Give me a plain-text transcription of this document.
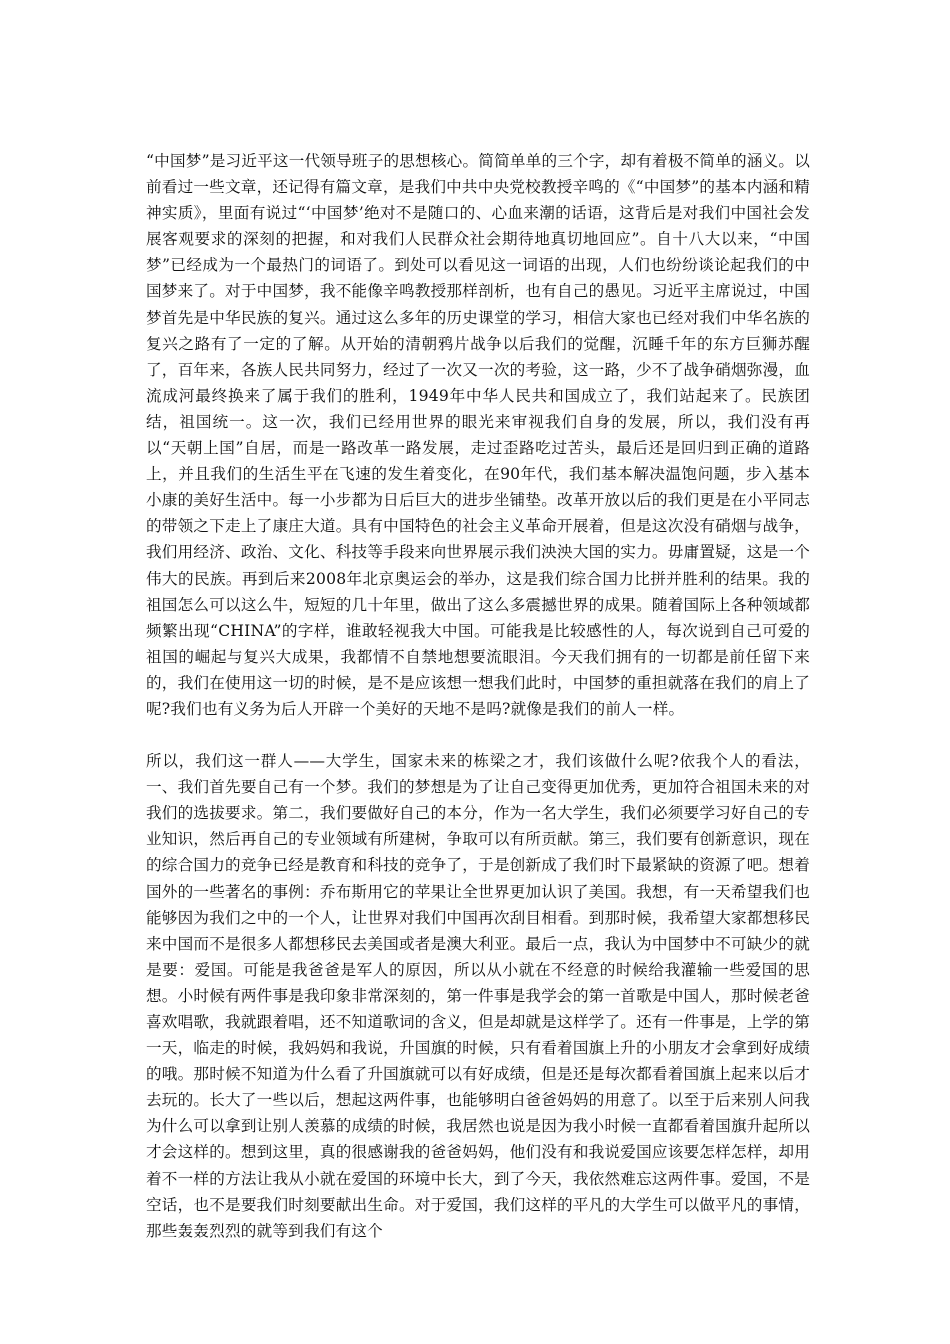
“中国梦”是习近平这一代领导班子的思想核心。简简单单的三个字，却有着极不简单的涵义。以前看过一些文章，还记得有篇文章，是我们中共中央党校教授辛鸣的《“中国梦”的基本内涵和精神实质》，里面有说过“‘中国梦’绝对不是随口的、心血来潮的话语，这背后是对我们中国社会发展客观要求的深刻的把握，和对我们人民群众社会期待地真切地回应”。自十八大以来，“中国梦”已经成为一个最热门的词语了。到处可以看见这一词语的出现，人们也纷纷谈论起我们的中国梦来了。对于中国梦，我不能像辛鸣教授那样剖析，也有自己的愚见。习近平主席说过，中国梦首先是中华民族的复兴。通过这么多年的历史课堂的学习，相信大家也已经对我们中华名族的复兴之路有了一定的了解。从开始的清朝鸦片战争以后我们的觉醒，沉睡千年的东方巨狮苏醒了，百年来，各族人民共同努力，经过了一次又一次的考验，这一路，少不了战争硝烟弥漫，血流成河最终换来了属于我们的胜利，1949年中华人民共和国成立了，我们站起来了。民族团结，祖国统一。这一次，我们已经用世界的眼光来审视我们自身的发展，所以，我们没有再以“天朝上国”自居，而是一路改革一路发展，走过歪路吃过苦头，最后还是回归到正确的道路上，并且我们的生活生平在飞速的发生着变化，在90年代，我们基本解决温饱问题，步入基本小康的美好生活中。每一小步都为日后巨大的进步坐铺垫。改革开放以后的我们更是在小平同志的带领之下走上了康庄大道。具有中国特色的社会主义革命开展着，但是这次没有硝烟与战争，我们用经济、政治、文化、科技等手段来向世界展示我们泱泱大国的实力。毋庸置疑，这是一个伟大的民族。再到后来2008年北京奥运会的举办，这是我们综合国力比拼并胜利的结果。我的祖国怎么可以这么牛，短短的几十年里，做出了这么多震撼世界的成果。随着国际上各种领域都频繁出现“CHINA”的字样，谁敢轻视我大中国。可能我是比较感性的人，每次说到自己可爱的祖国的崛起与复兴大成果，我都情不自禁地想要流眼泪。今天我们拥有的一切都是前任留下来的，我们在使用这一切的时候，是不是应该想一想我们此时，中国梦的重担就落在我们的肩上了呢?我们也有义务为后人开辟一个美好的天地不是吗?就像是我们的前人一样。

所以，我们这一群人——大学生，国家未来的栋梁之才，我们该做什么呢?依我个人的看法，一、我们首先要自己有一个梦。我们的梦想是为了让自己变得更加优秀，更加符合祖国未来的对我们的选拔要求。第二，我们要做好自己的本分，作为一名大学生，我们必须要学习好自己的专业知识，然后再自己的专业领域有所建树，争取可以有所贡献。第三，我们要有创新意识，现在的综合国力的竞争已经是教育和科技的竞争了，于是创新成了我们时下最紧缺的资源了吧。想着国外的一些著名的事例：乔布斯用它的苹果让全世界更加认识了美国。我想，有一天希望我们也能够因为我们之中的一个人，让世界对我们中国再次刮目相看。到那时候，我希望大家都想移民来中国而不是很多人都想移民去美国或者是澳大利亚。最后一点，我认为中国梦中不可缺少的就是要：爱国。可能是我爸爸是军人的原因，所以从小就在不经意的时候给我灌输一些爱国的思想。小时候有两件事是我印象非常深刻的，第一件事是我学会的第一首歌是中国人，那时候老爸喜欢唱歌，我就跟着唱，还不知道歌词的含义，但是却就是这样学了。还有一件事是，上学的第一天，临走的时候，我妈妈和我说，升国旗的时候，只有看着国旗上升的小朋友才会拿到好成绩的哦。那时候不知道为什么看了升国旗就可以有好成绩，但是还是每次都看着国旗上起来以后才去玩的。长大了一些以后，想起这两件事，也能够明白爸爸妈妈的用意了。以至于后来别人问我为什么可以拿到让别人羡慕的成绩的时候，我居然也说是因为我小时候一直都看着国旗升起所以才会这样的。想到这里，真的很感谢我的爸爸妈妈，他们没有和我说爱国应该要怎样怎样，却用着不一样的方法让我从小就在爱国的环境中长大，到了今天，我依然难忘这两件事。爱国，不是空话，也不是要我们时刻要献出生命。对于爱国，我们这样的平凡的大学生可以做平凡的事情，那些轰轰烈烈的就等到我们有这个
